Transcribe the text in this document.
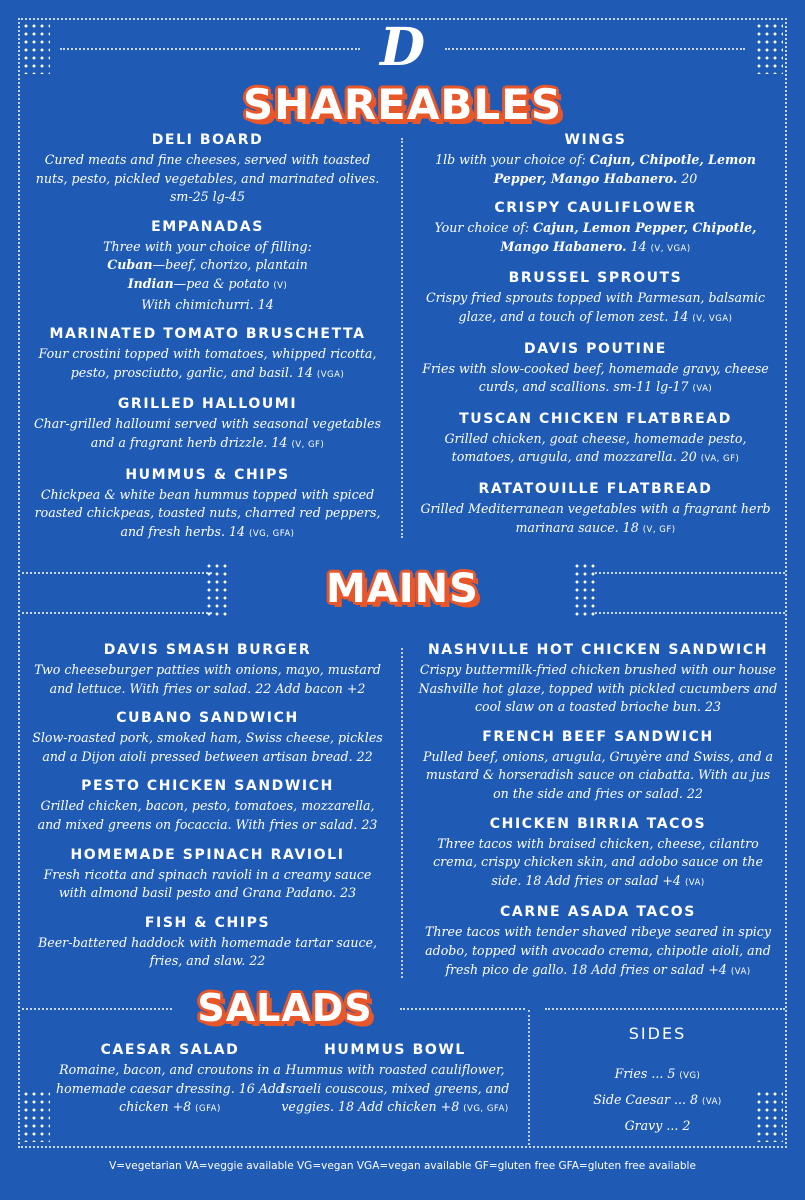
D
SHAREABLES
DELI BOARD
Cured meats and fine cheeses, served with toasted nuts, pesto, pickled vegetables, and marinated olives. sm-25 lg-45
EMPANADAS
Three with your choice of filling:
Cuban—beef, chorizo, plantain
Indian—pea & potato (V)
With chimichurri. 14
MARINATED TOMATO BRUSCHETTA
Four crostini topped with tomatoes, whipped ricotta, pesto, prosciutto, garlic, and basil. 14 (VGA)
GRILLED HALLOUMI
Char-grilled halloumi served with seasonal vegetables and a fragrant herb drizzle. 14 (V, GF)
HUMMUS & CHIPS
Chickpea & white bean hummus topped with spiced roasted chickpeas, toasted nuts, charred red peppers, and fresh herbs. 14 (VG, GFA)
WINGS
1lb with your choice of: Cajun, Chipotle, Lemon Pepper, Mango Habanero. 20
CRISPY CAULIFLOWER
Your choice of: Cajun, Lemon Pepper, Chipotle, Mango Habanero. 14 (V, VGA)
BRUSSEL SPROUTS
Crispy fried sprouts topped with Parmesan, balsamic glaze, and a touch of lemon zest. 14 (V, VGA)
DAVIS POUTINE
Fries with slow-cooked beef, homemade gravy, cheese curds, and scallions. sm-11 lg-17 (VA)
TUSCAN CHICKEN FLATBREAD
Grilled chicken, goat cheese, homemade pesto, tomatoes, arugula, and mozzarella. 20 (VA, GF)
RATATOUILLE FLATBREAD
Grilled Mediterranean vegetables with a fragrant herb marinara sauce. 18 (V, GF)
MAINS
DAVIS SMASH BURGER
Two cheeseburger patties with onions, mayo, mustard and lettuce. With fries or salad. 22 Add bacon +2
CUBANO SANDWICH
Slow-roasted pork, smoked ham, Swiss cheese, pickles and a Dijon aioli pressed between artisan bread. 22
PESTO CHICKEN SANDWICH
Grilled chicken, bacon, pesto, tomatoes, mozzarella, and mixed greens on focaccia. With fries or salad. 23
HOMEMADE SPINACH RAVIOLI
Fresh ricotta and spinach ravioli in a creamy sauce with almond basil pesto and Grana Padano. 23
FISH & CHIPS
Beer-battered haddock with homemade tartar sauce, fries, and slaw. 22
NASHVILLE HOT CHICKEN SANDWICH
Crispy buttermilk-fried chicken brushed with our house Nashville hot glaze, topped with pickled cucumbers and cool slaw on a toasted brioche bun. 23
FRENCH BEEF SANDWICH
Pulled beef, onions, arugula, Gruyère and Swiss, and a mustard & horseradish sauce on ciabatta. With au jus on the side and fries or salad. 22
CHICKEN BIRRIA TACOS
Three tacos with braised chicken, cheese, cilantro crema, crispy chicken skin, and adobo sauce on the side. 18 Add fries or salad +4 (VA)
CARNE ASADA TACOS
Three tacos with tender shaved ribeye seared in spicy adobo, topped with avocado crema, chipotle aioli, and fresh pico de gallo. 18 Add fries or salad +4 (VA)
SALADS
CAESAR SALAD
Romaine, bacon, and croutons in a homemade caesar dressing. 16 Add chicken +8 (GFA)
HUMMUS BOWL
Hummus with roasted cauliflower, Israeli couscous, mixed greens, and veggies. 18 Add chicken +8 (VG, GFA)
SIDES
Fries ... 5 (VG)
Side Caesar ... 8 (VA)
Gravy ... 2
V=vegetarian VA=veggie available VG=vegan VGA=vegan available GF=gluten free GFA=gluten free available
